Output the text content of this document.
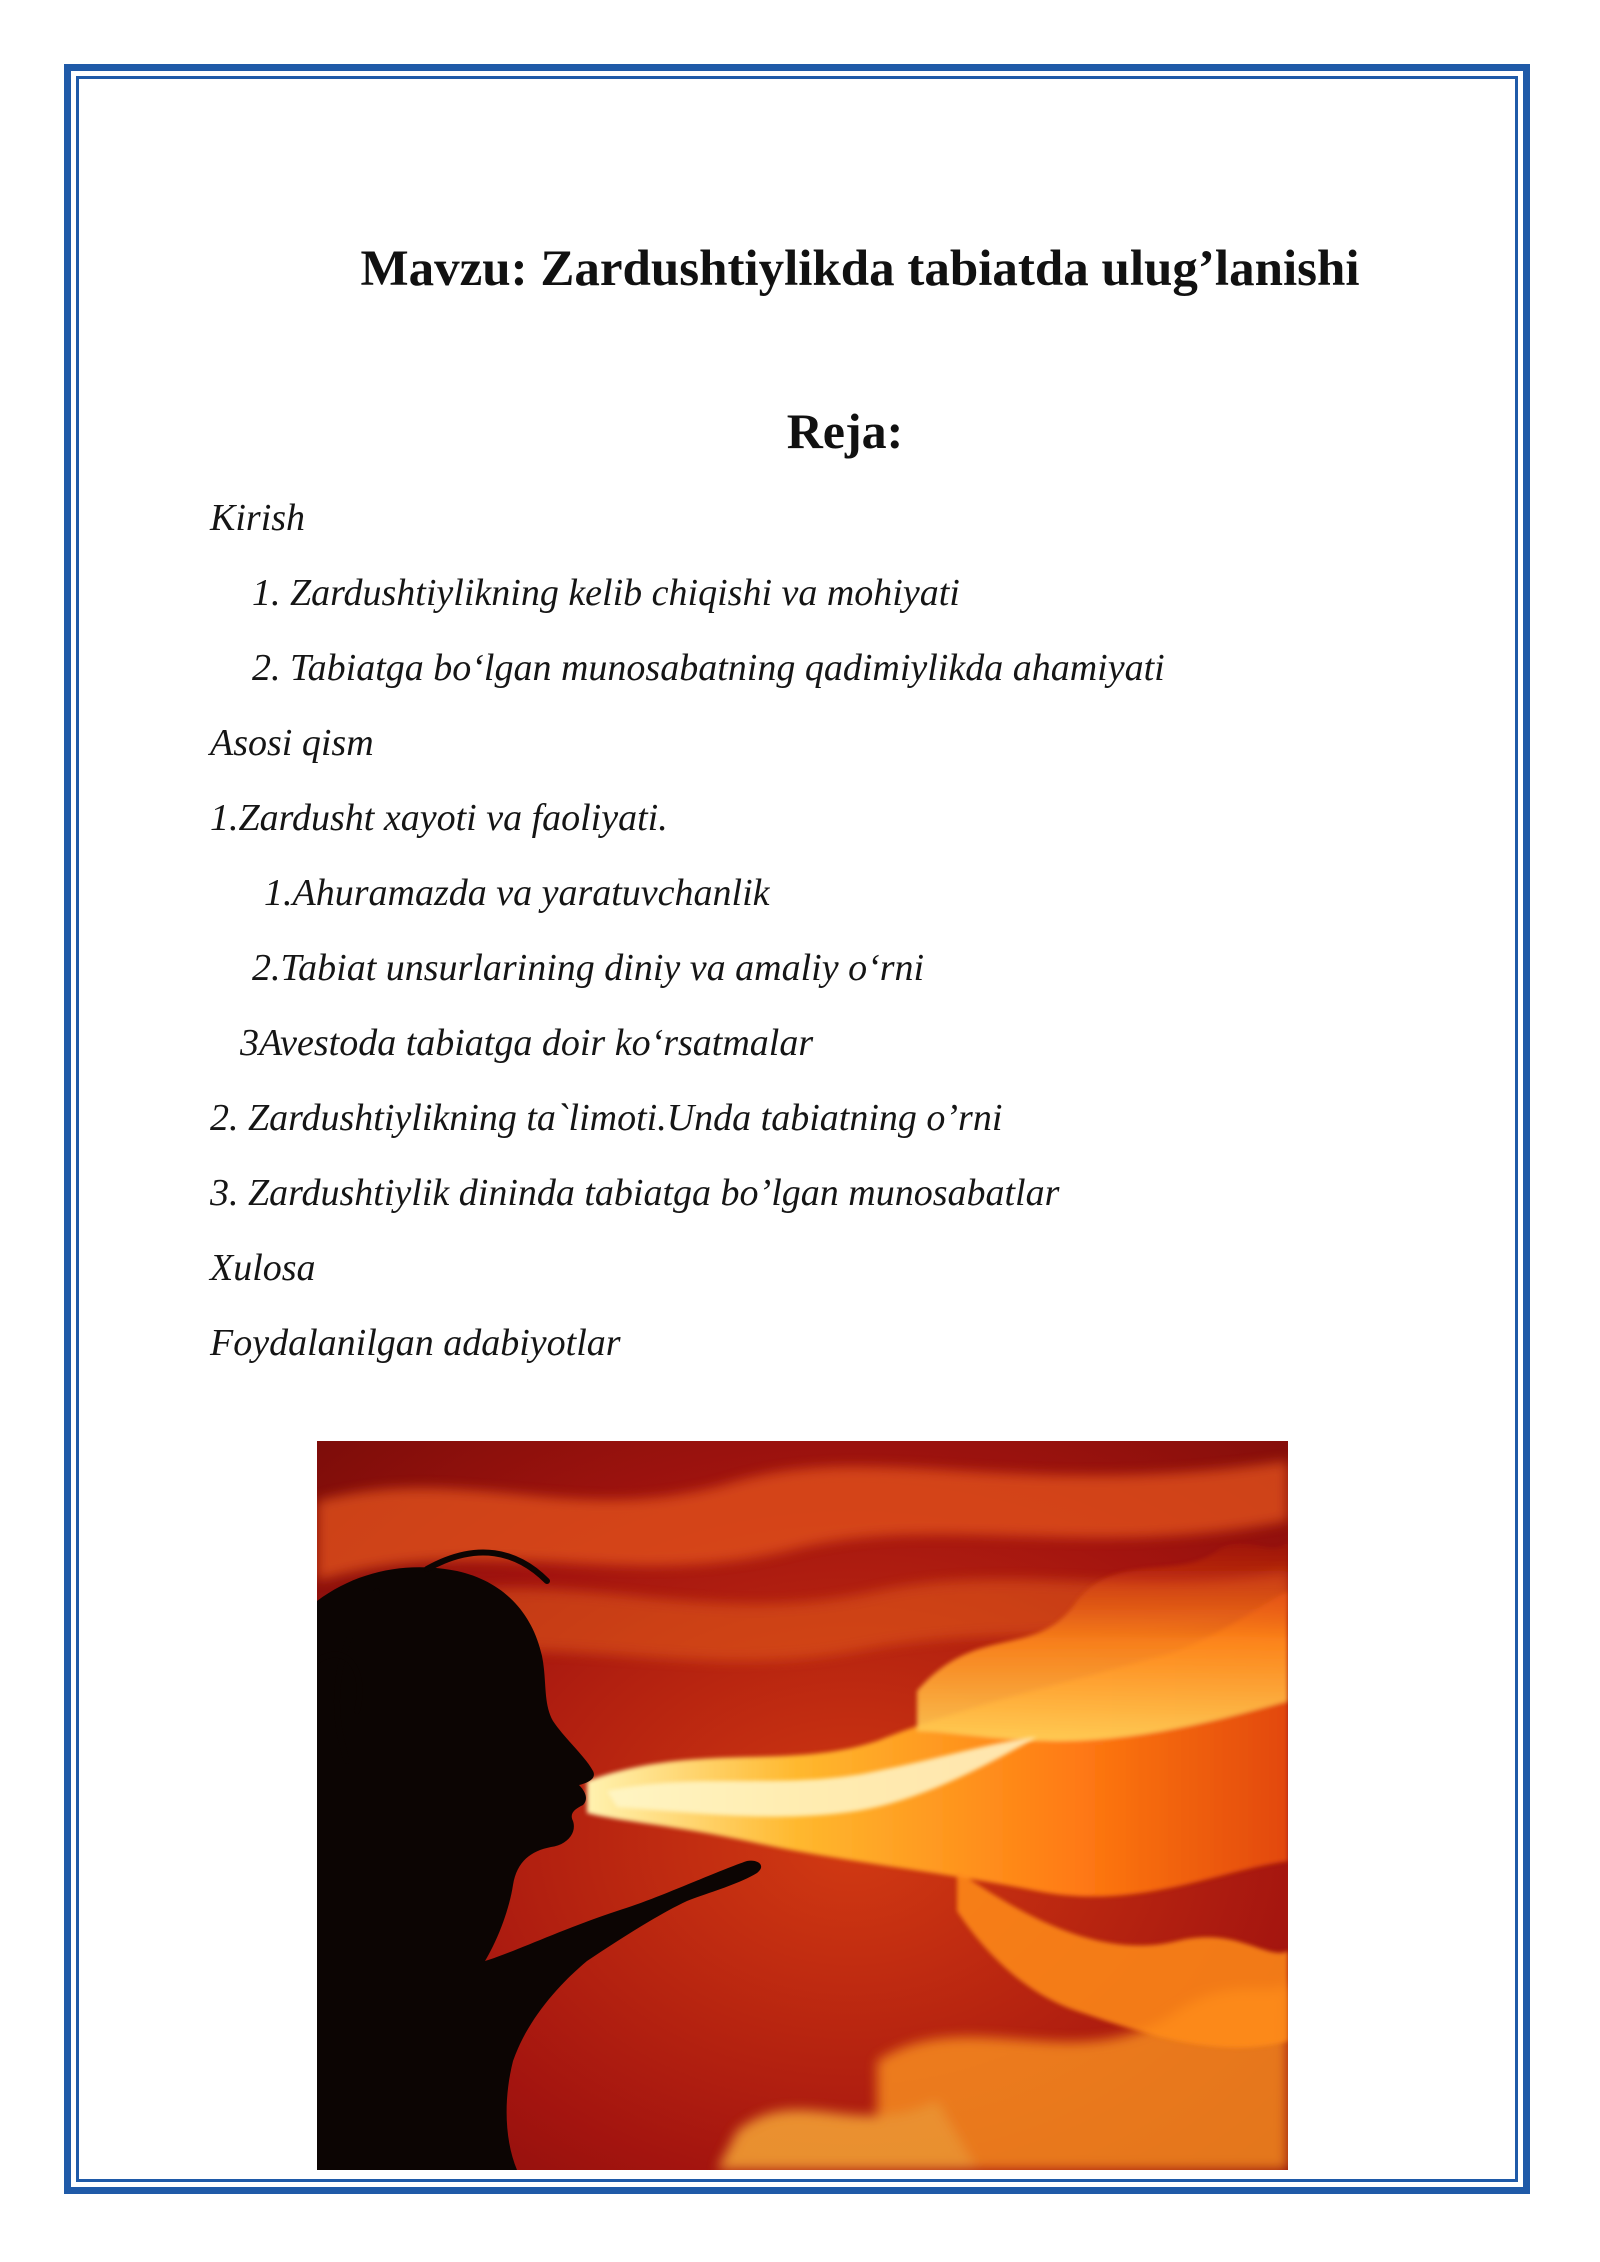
Mavzu: Zardushtiylikda tabiatda ulug’lanishi
Reja:
Kirish
1. Zardushtiylikning kelib chiqishi va mohiyati
2. Tabiatga bo‘lgan munosabatning qadimiylikda ahamiyati
Asosi qism
1.Zardusht xayoti va faoliyati.
1.Ahuramazda va yaratuvchanlik
2.Tabiat unsurlarining diniy va amaliy o‘rni
3Avestoda tabiatga doir ko‘rsatmalar
2. Zardushtiylikning ta`limoti.Unda tabiatning o’rni
3. Zardushtiylik dininda tabiatga bo’lgan munosabatlar
Xulosa
Foydalanilgan adabiyotlar
